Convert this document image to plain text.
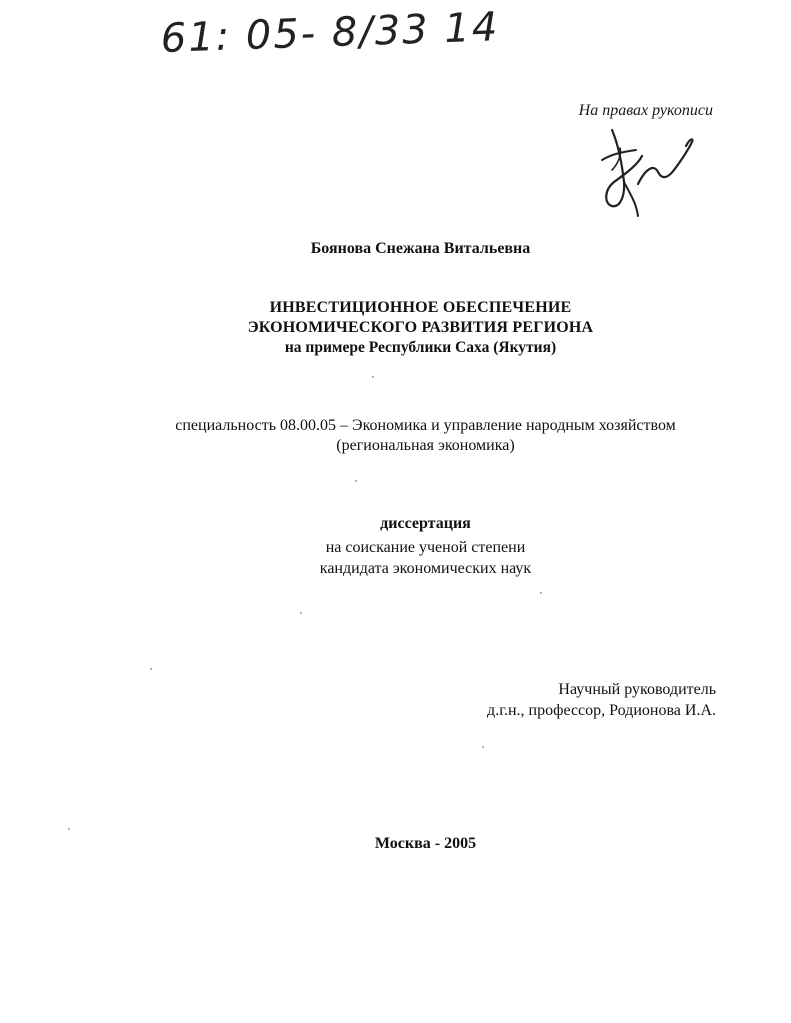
61: 05- 8/33 14
На правах рукописи
Боянова Снежана Витальевна
ИНВЕСТИЦИОННОЕ ОБЕСПЕЧЕНИЕ
ЭКОНОМИЧЕСКОГО РАЗВИТИЯ РЕГИОНА
на примере Республики Саха (Якутия)
специальность 08.00.05 – Экономика и управление народным хозяйством
(региональная экономика)
диссертация
на соискание ученой степени
кандидата экономических наук
Научный руководитель
д.г.н., профессор, Родионова И.А.
Москва - 2005
